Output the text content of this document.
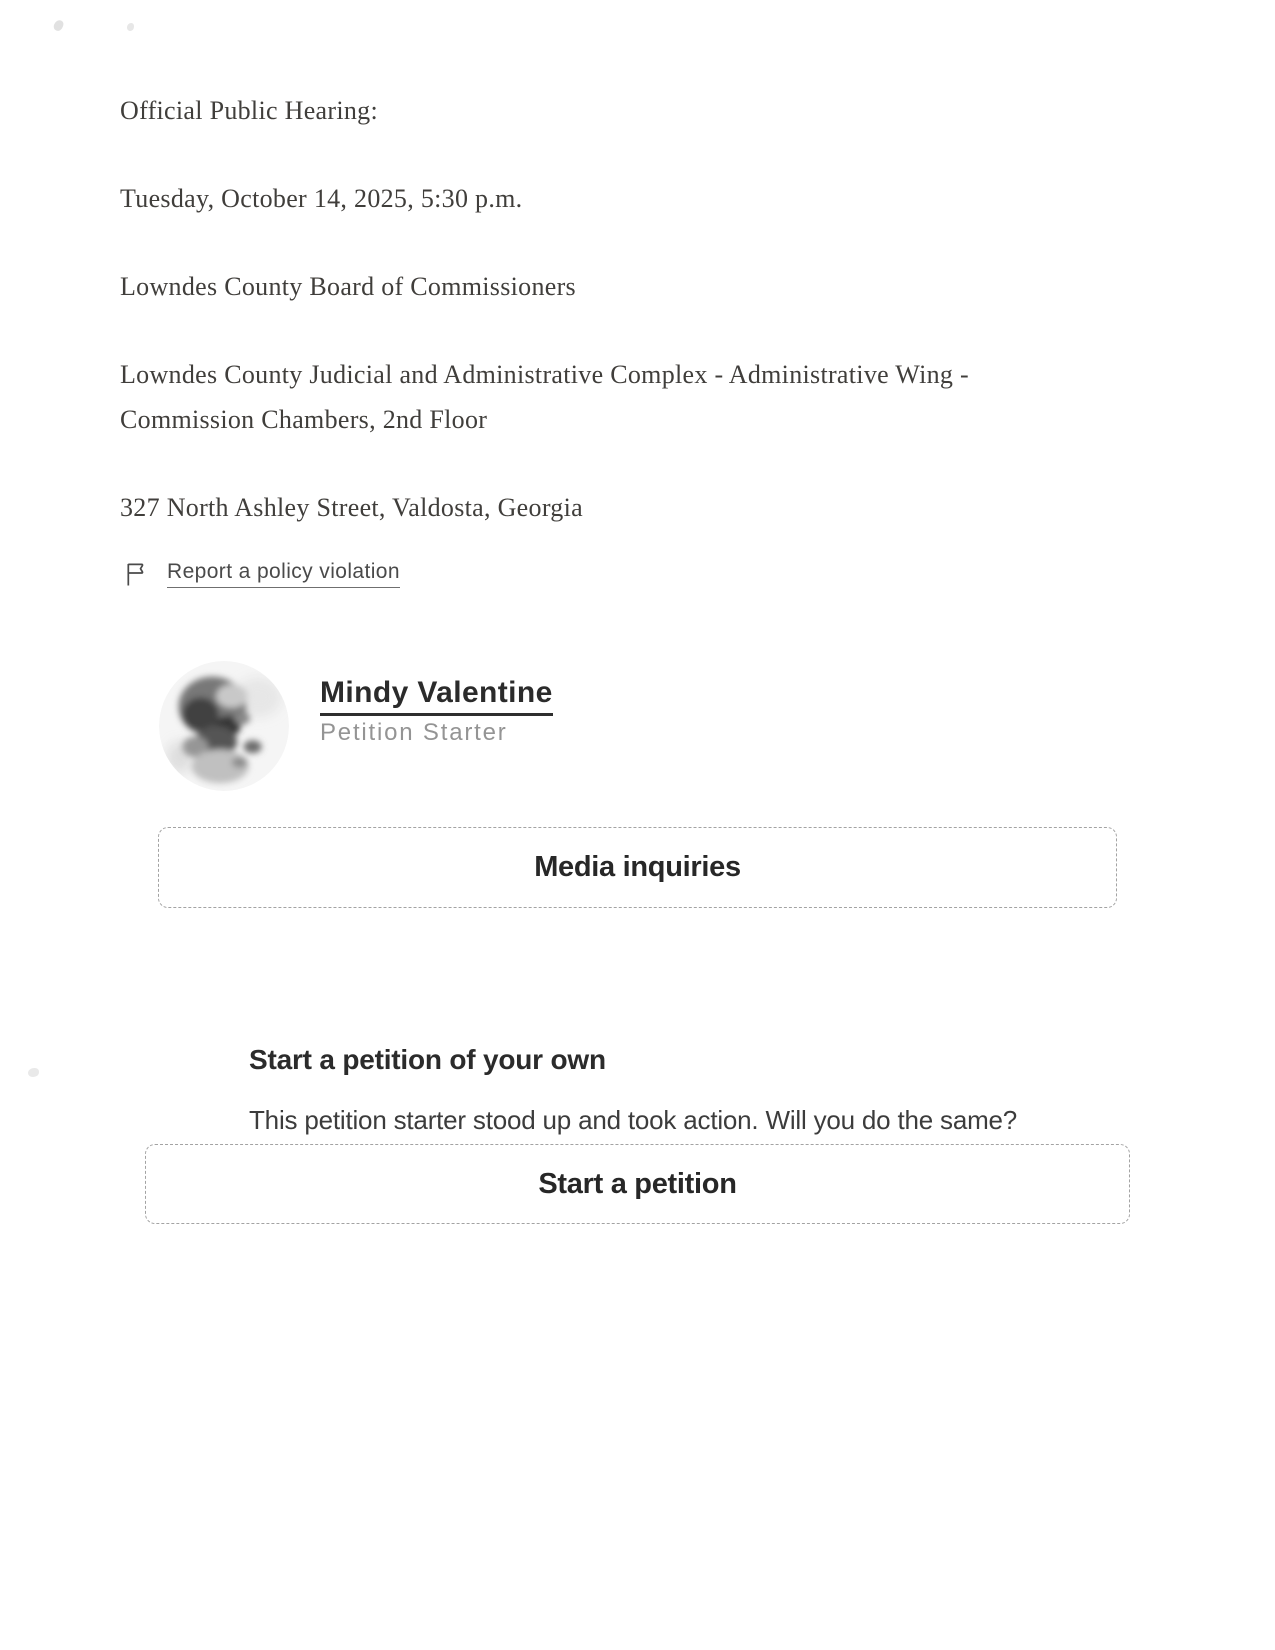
Official Public Hearing:

Tuesday, October 14, 2025, 5:30 p.m.

Lowndes County Board of Commissioners

Lowndes County Judicial and Administrative Complex - Administrative Wing - Commission Chambers, 2nd Floor

327 North Ashley Street, Valdosta, Georgia

Report a policy violation
Mindy Valentine
Petition Starter
Media inquiries
Start a petition of your own

This petition starter stood up and took action. Will you do the same?

Start a petition
